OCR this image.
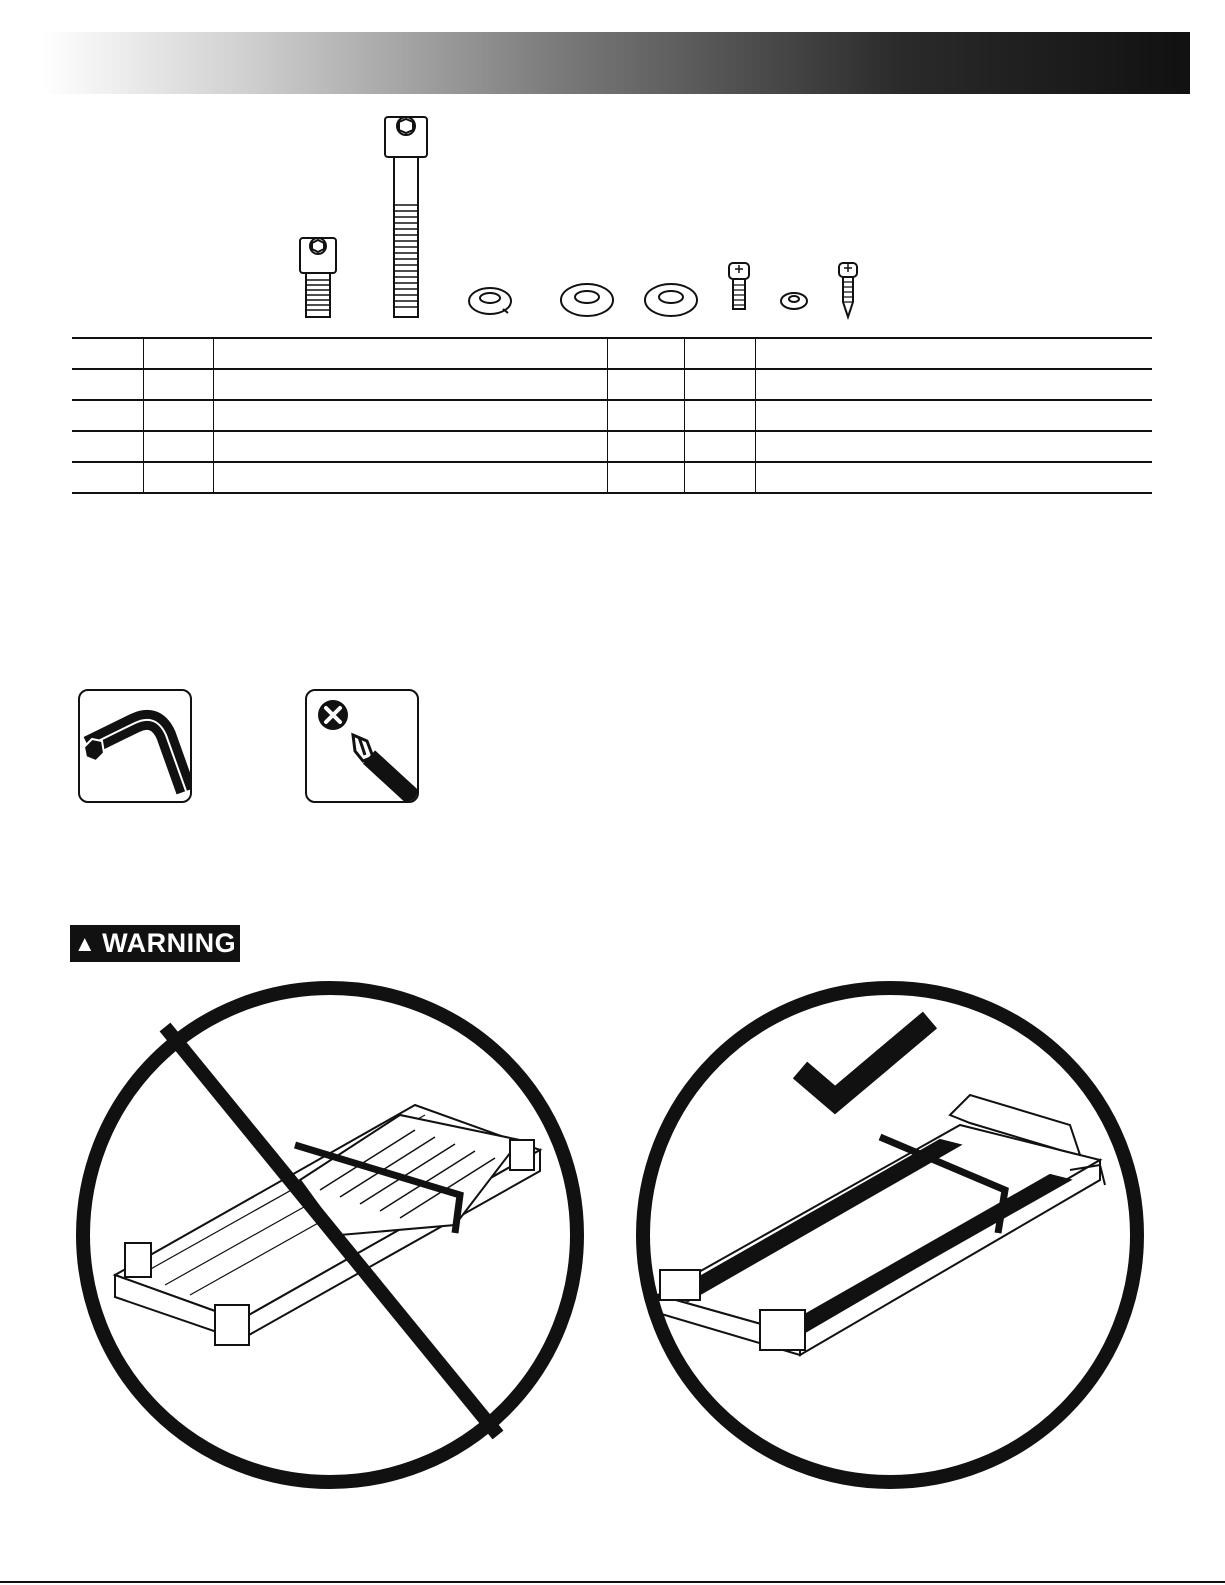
▲ WARNING
